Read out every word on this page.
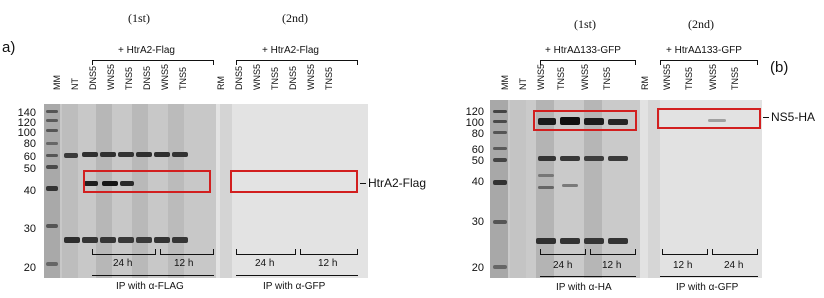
a)
(1st)	(2nd)
+ HtrA2-Flag	+ HtrA2-Flag
MM NT DNS5 WNS5 TNS5 DNS5 WNS5 TNS5	RM DNS5 WNS5 TNS5 DNS5 WNS5 TNS5
140
120
100
80
60
50
40
30
20
HtrA2-Flag
24 h	12 h	24 h	12 h
IP with α-FLAG	IP with α-GFP
(b)
(1st)	(2nd)
+ HtrAΔ133-GFP	+ HtrAΔ133-GFP
MM NT WNS5 TNS5 WNS5 TNS5	RM WNS5 TNS5 WNS5 TNS5
120
100
80
60
50
40
30
20
NS5-HA
24 h	12 h	12 h	24 h
IP with α-HA	IP with α-GFP
